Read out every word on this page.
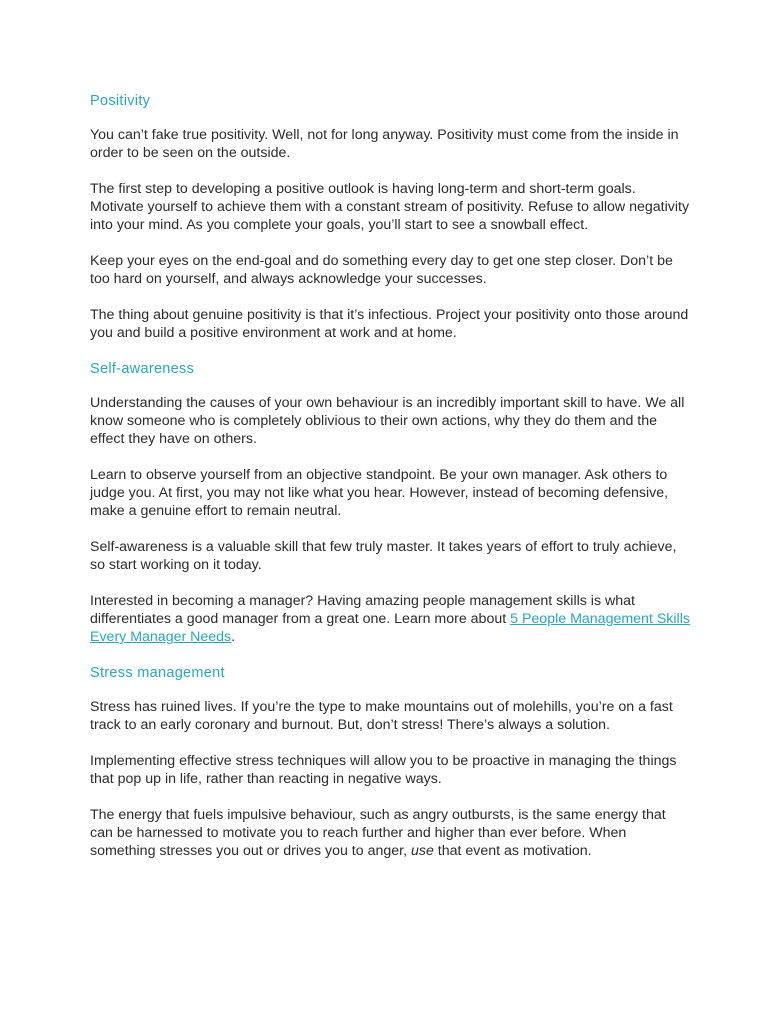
Positivity

You can’t fake true positivity. Well, not for long anyway. Positivity must come from the inside in order to be seen on the outside.

The first step to developing a positive outlook is having long-term and short-term goals. Motivate yourself to achieve them with a constant stream of positivity. Refuse to allow negativity into your mind. As you complete your goals, you’ll start to see a snowball effect.

Keep your eyes on the end-goal and do something every day to get one step closer. Don’t be too hard on yourself, and always acknowledge your successes.

The thing about genuine positivity is that it’s infectious. Project your positivity onto those around you and build a positive environment at work and at home.

Self-awareness

Understanding the causes of your own behaviour is an incredibly important skill to have. We all know someone who is completely oblivious to their own actions, why they do them and the effect they have on others.

Learn to observe yourself from an objective standpoint. Be your own manager. Ask others to judge you. At first, you may not like what you hear. However, instead of becoming defensive, make a genuine effort to remain neutral.

Self-awareness is a valuable skill that few truly master. It takes years of effort to truly achieve, so start working on it today.

Interested in becoming a manager? Having amazing people management skills is what differentiates a good manager from a great one. Learn more about 5 People Management Skills Every Manager Needs.

Stress management

Stress has ruined lives. If you’re the type to make mountains out of molehills, you’re on a fast track to an early coronary and burnout. But, don’t stress! There’s always a solution.

Implementing effective stress techniques will allow you to be proactive in managing the things that pop up in life, rather than reacting in negative ways.

The energy that fuels impulsive behaviour, such as angry outbursts, is the same energy that can be harnessed to motivate you to reach further and higher than ever before. When something stresses you out or drives you to anger, use that event as motivation.
